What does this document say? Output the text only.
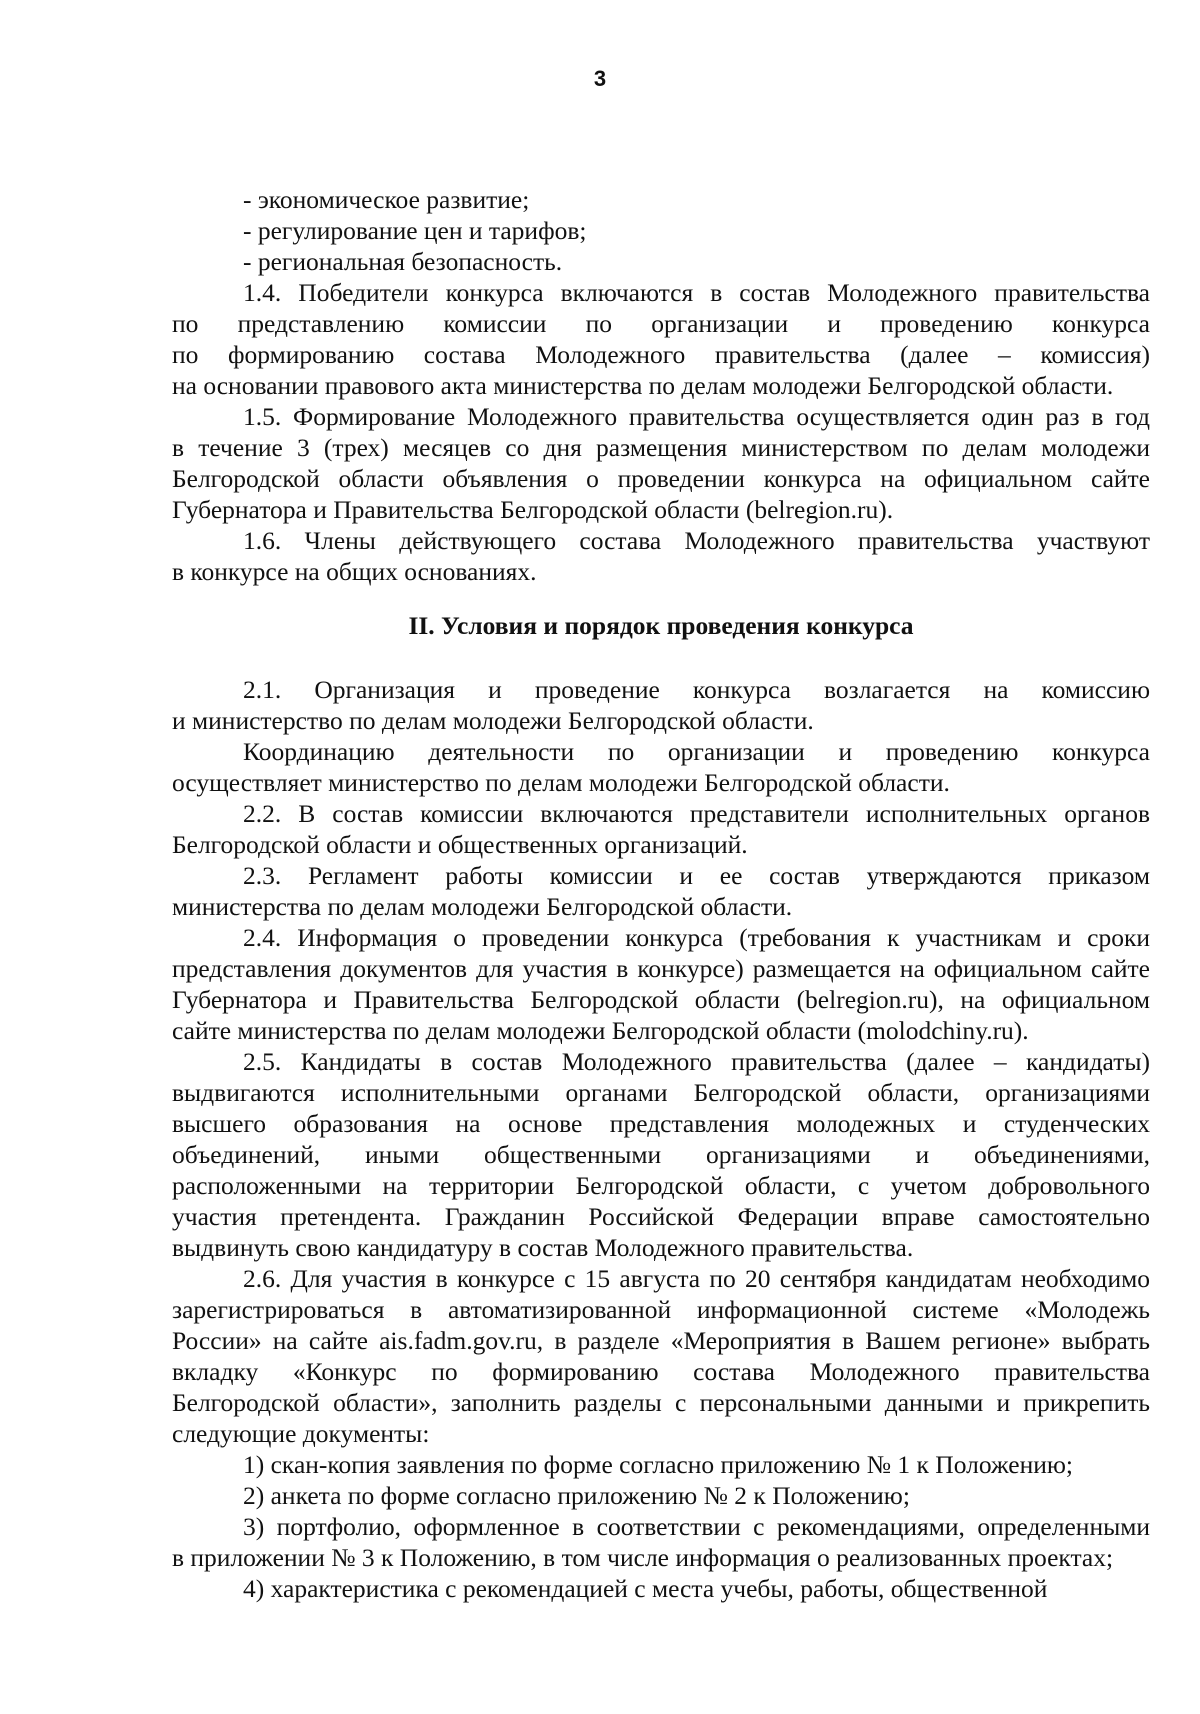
3
- экономическое развитие;
- регулирование цен и тарифов;
- региональная безопасность.
1.4. Победители конкурса включаются в состав Молодежного правительства
по представлению комиссии по организации и проведению конкурса
по формированию состава Молодежного правительства (далее – комиссия)
на основании правового акта министерства по делам молодежи Белгородской области.
1.5. Формирование Молодежного правительства осуществляется один раз в год
в течение 3 (трех) месяцев со дня размещения министерством по делам молодежи
Белгородской области объявления о проведении конкурса на официальном сайте
Губернатора и Правительства Белгородской области (belregion.ru).
1.6. Члены действующего состава Молодежного правительства участвуют
в конкурсе на общих основаниях.
II. Условия и порядок проведения конкурса
2.1. Организация и проведение конкурса возлагается на комиссию
и министерство по делам молодежи Белгородской области.
Координацию деятельности по организации и проведению конкурса
осуществляет министерство по делам молодежи Белгородской области.
2.2. В состав комиссии включаются представители исполнительных органов
Белгородской области и общественных организаций.
2.3. Регламент работы комиссии и ее состав утверждаются приказом
министерства по делам молодежи Белгородской области.
2.4. Информация о проведении конкурса (требования к участникам и сроки
представления документов для участия в конкурсе) размещается на официальном сайте
Губернатора и Правительства Белгородской области (belregion.ru), на официальном
сайте министерства по делам молодежи Белгородской области (molodchiny.ru).
2.5. Кандидаты в состав Молодежного правительства (далее – кандидаты)
выдвигаются исполнительными органами Белгородской области, организациями
высшего образования на основе представления молодежных и студенческих
объединений, иными общественными организациями и объединениями,
расположенными на территории Белгородской области, с учетом добровольного
участия претендента. Гражданин Российской Федерации вправе самостоятельно
выдвинуть свою кандидатуру в состав Молодежного правительства.
2.6. Для участия в конкурсе с 15 августа по 20 сентября кандидатам необходимо
зарегистрироваться в автоматизированной информационной системе «Молодежь
России» на сайте ais.fadm.gov.ru, в разделе «Мероприятия в Вашем регионе» выбрать
вкладку «Конкурс по формированию состава Молодежного правительства
Белгородской области», заполнить разделы с персональными данными и прикрепить
следующие документы:
1) скан-копия заявления по форме согласно приложению № 1 к Положению;
2) анкета по форме согласно приложению № 2 к Положению;
3) портфолио, оформленное в соответствии с рекомендациями, определенными
в приложении № 3 к Положению, в том числе информация о реализованных проектах;
4) характеристика с рекомендацией с места учебы, работы, общественной
